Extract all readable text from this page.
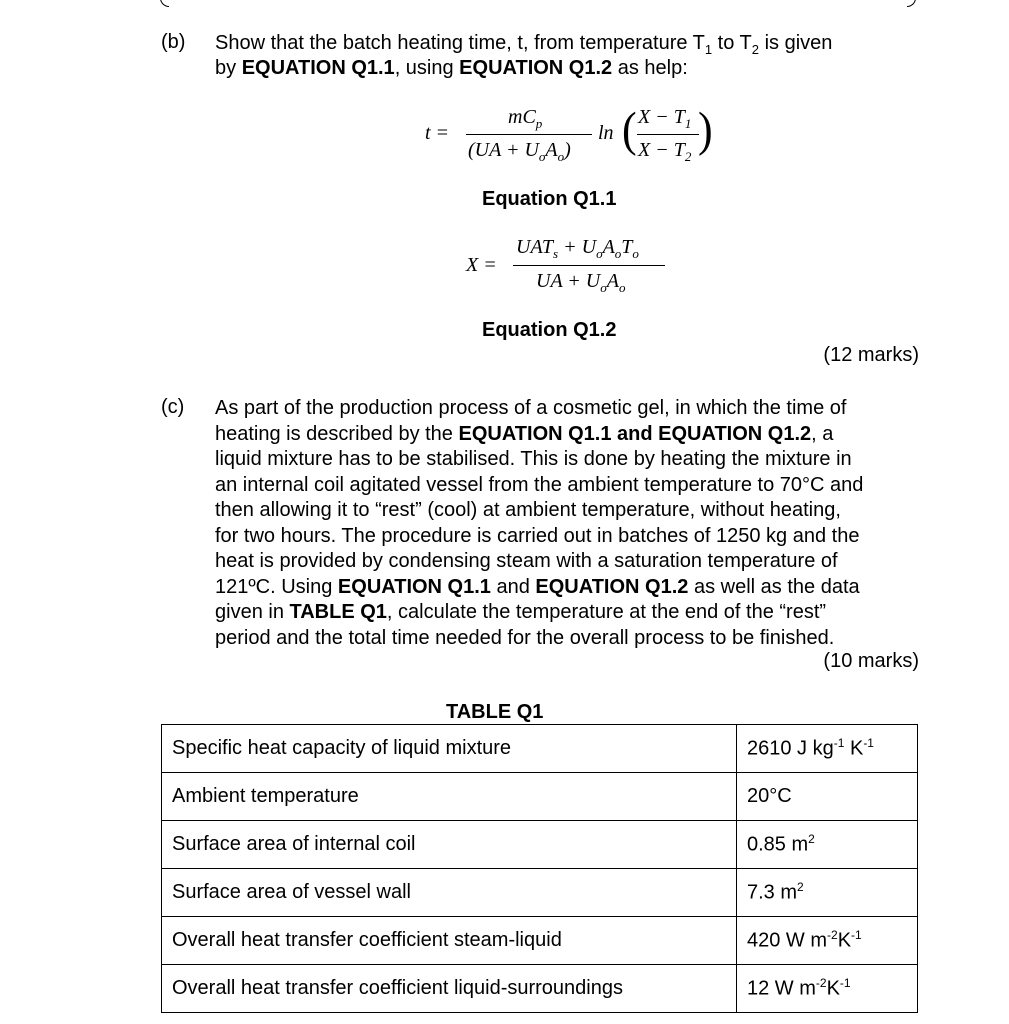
(b) Show that the batch heating time, t, from temperature $T_1$ to $T_2$ is given
by EQUATION Q1.1, using EQUATION Q1.2 as help:
t =
$mC_p$
$(UA + U_oA_o)$
ln ( $X - T_1$
$X - T_2$
)
Equation Q1.1
X =
$UAT_s + U_oA_oT_o$
UA + $U_oA_o$
Equation Q1.2
(12 marks)
(c) As part of the production process of a cosmetic gel, in which the time of
heating is described by the EQUATION Q1.1 and EQUATION Q1.2, a
liquid mixture has to be stabilised. This is done by heating the mixture in
an internal coil agitated vessel from the ambient temperature to 70°C and
then allowing it to “rest” (cool) at ambient temperature, without heating,
for two hours. The procedure is carried out in batches of 1250 kg and the
heat is provided by condensing steam with a saturation temperature of
121ºC. Using EQUATION Q1.1 and EQUATION Q1.2 as well as the data
given in TABLE Q1, calculate the temperature at the end of the “rest”
period and the total time needed for the overall process to be finished.
(10 marks)
TABLE Q1
Specific heat capacity of liquid mixture	2610 J $kg^{-1}$ $K^{-1}$
Ambient temperature	20°C
Surface area of internal coil	0.85 $m^2$
Surface area of vessel wall	7.3 $m^2$
Overall heat transfer coefficient steam-liquid	420 W $m^{-2}K^{-1}$
Overall heat transfer coefficient liquid-surroundings	12 W $m^{-2}K^{-1}$
